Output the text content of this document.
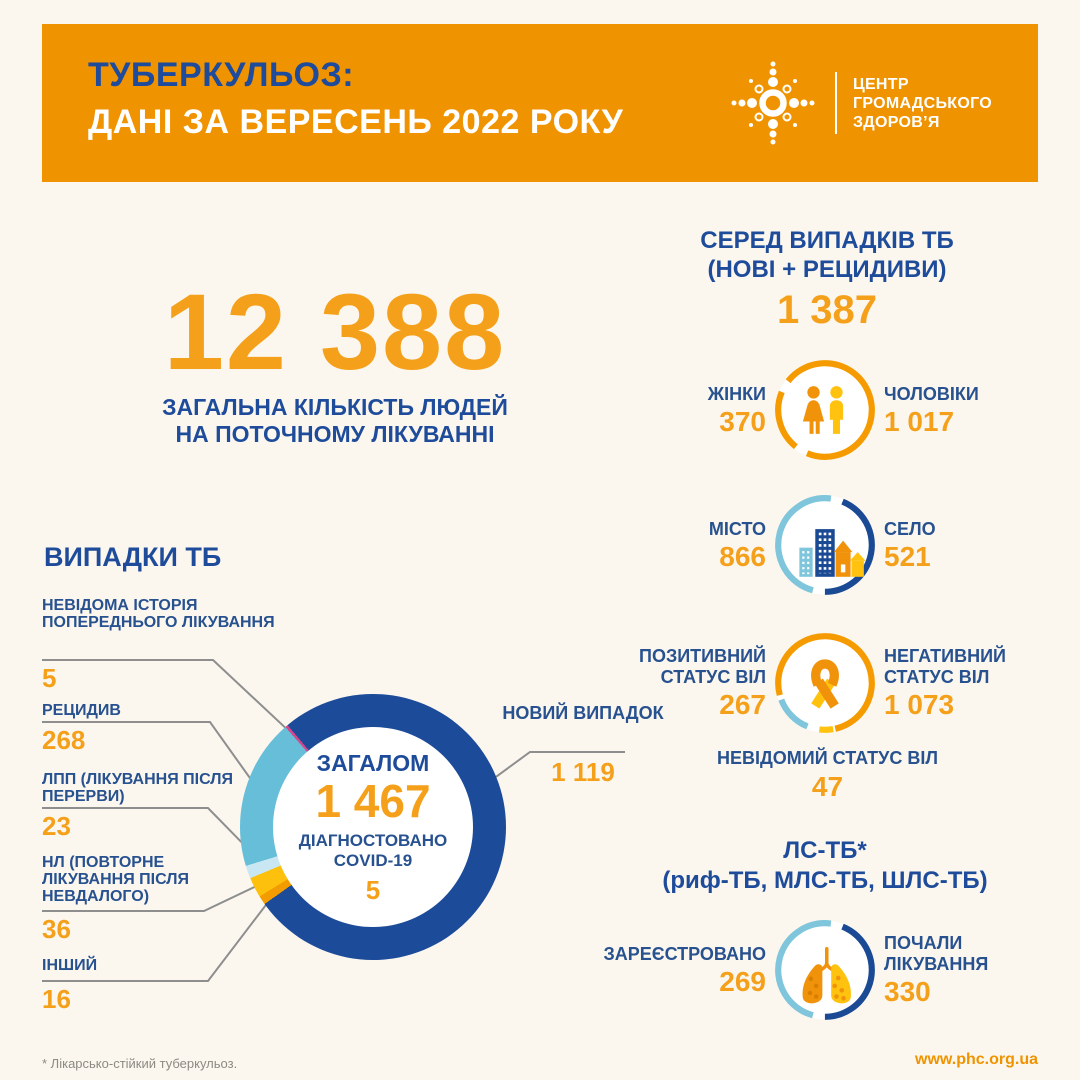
ТУБЕРКУЛЬОЗ:
ДАНІ ЗА ВЕРЕСЕНЬ 2022 РОКУ
ЦЕНТР
ГРОМАДСЬКОГО
ЗДОРОВ’Я
12 388
ЗАГАЛЬНА КІЛЬКІСТЬ ЛЮДЕЙ
НА ПОТОЧНОМУ ЛІКУВАННІ
СЕРЕД ВИПАДКІВ ТБ
(НОВІ + РЕЦИДИВИ)
1 387
ЖІНКИ
370
ЧОЛОВІКИ
1 017
МІСТО
866
СЕЛО
521
ПОЗИТИВНИЙ СТАТУС ВІЛ
267
НЕГАТИВНИЙ СТАТУС ВІЛ
1 073
НЕВІДОМИЙ СТАТУС ВІЛ
47
ЛС-ТБ*
(риф-ТБ, МЛС-ТБ, ШЛС-ТБ)
ЗАРЕЄСТРОВАНО
269
ПОЧАЛИ ЛІКУВАННЯ
330
ВИПАДКИ ТБ
НЕВІДОМА ІСТОРІЯ ПОПЕРЕДНЬОГО ЛІКУВАННЯ
5
РЕЦИДИВ
268
ЛПП (ЛІКУВАННЯ ПІСЛЯ ПЕРЕРВИ)
23
НЛ (ПОВТОРНЕ ЛІКУВАННЯ ПІСЛЯ НЕВДАЛОГО)
36
ІНШИЙ
16
НОВИЙ ВИПАДОК
1 119
ЗАГАЛОМ
1 467
ДІАГНОСТОВАНО
COVID-19
5
* Лікарсько-стійкий туберкульоз.	www.phc.org.ua
